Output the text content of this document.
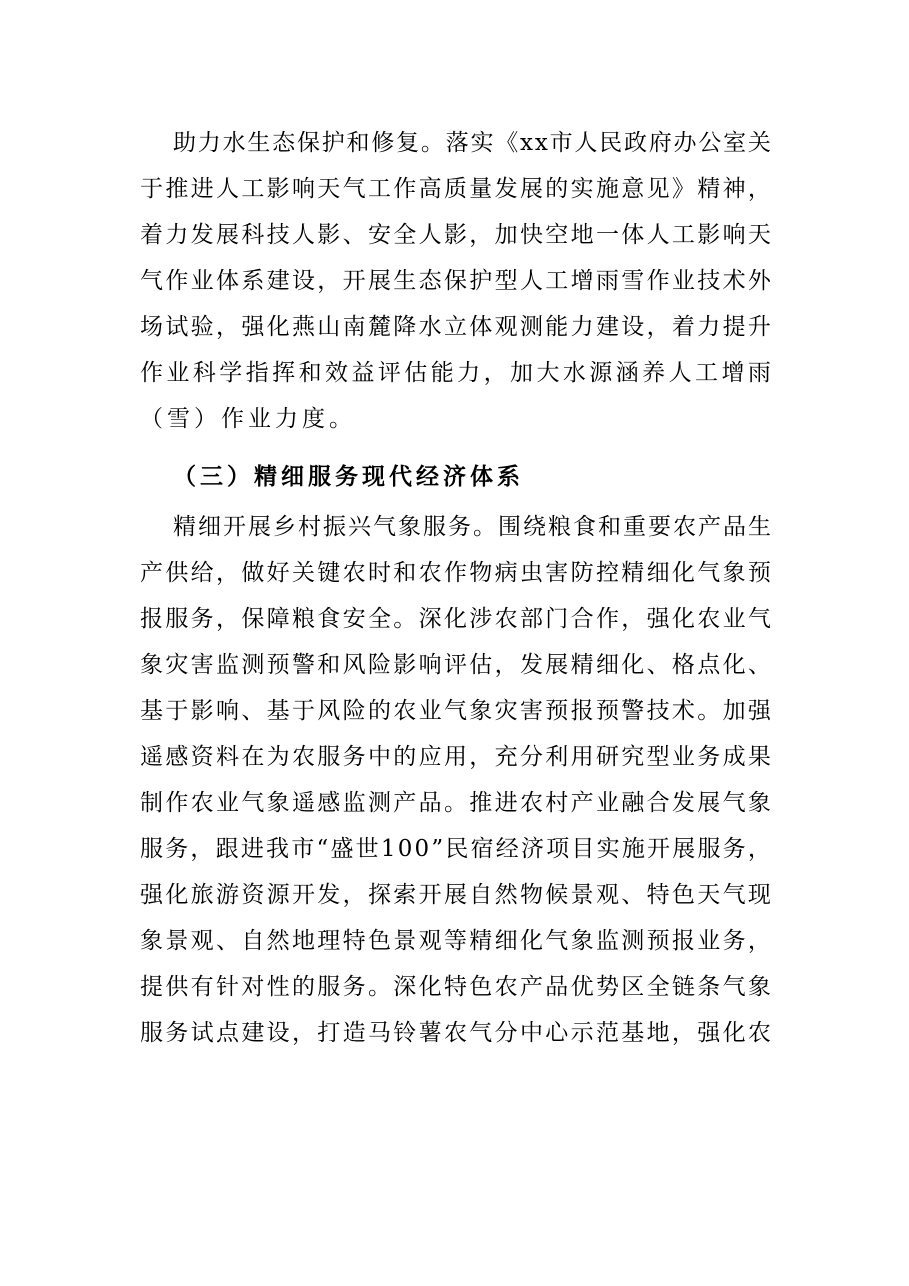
助力水生态保护和修复。落实《xx市人民政府办公室关
于推进人工影响天气工作高质量发展的实施意见》精神，
着力发展科技人影、安全人影，加快空地一体人工影响天
气作业体系建设，开展生态保护型人工增雨雪作业技术外
场试验，强化燕山南麓降水立体观测能力建设，着力提升
作业科学指挥和效益评估能力，加大水源涵养人工增雨
（雪）作业力度。
（三）精细服务现代经济体系
精细开展乡村振兴气象服务。围绕粮食和重要农产品生
产供给，做好关键农时和农作物病虫害防控精细化气象预
报服务，保障粮食安全。深化涉农部门合作，强化农业气
象灾害监测预警和风险影响评估，发展精细化、格点化、
基于影响、基于风险的农业气象灾害预报预警技术。加强
遥感资料在为农服务中的应用，充分利用研究型业务成果
制作农业气象遥感监测产品。推进农村产业融合发展气象
服务，跟进我市“盛世100”民宿经济项目实施开展服务，
强化旅游资源开发，探索开展自然物候景观、特色天气现
象景观、自然地理特色景观等精细化气象监测预报业务，
提供有针对性的服务。深化特色农产品优势区全链条气象
服务试点建设，打造马铃薯农气分中心示范基地，强化农
